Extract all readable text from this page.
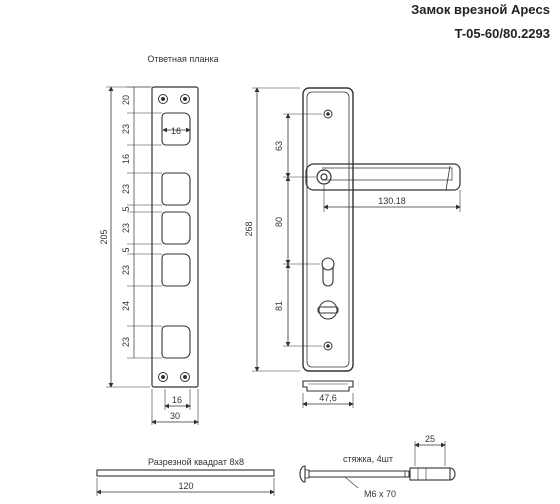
Замок врезной Apecs
T-05-60/80.2293
Ответная планка
16
205
20
23
16
23
5
23
5
23
24
23
16
30
268
63
80
81
130.18
47,6
Разрезной квадрат 8х8
120
стяжка, 4шт
M6 x 70
25
